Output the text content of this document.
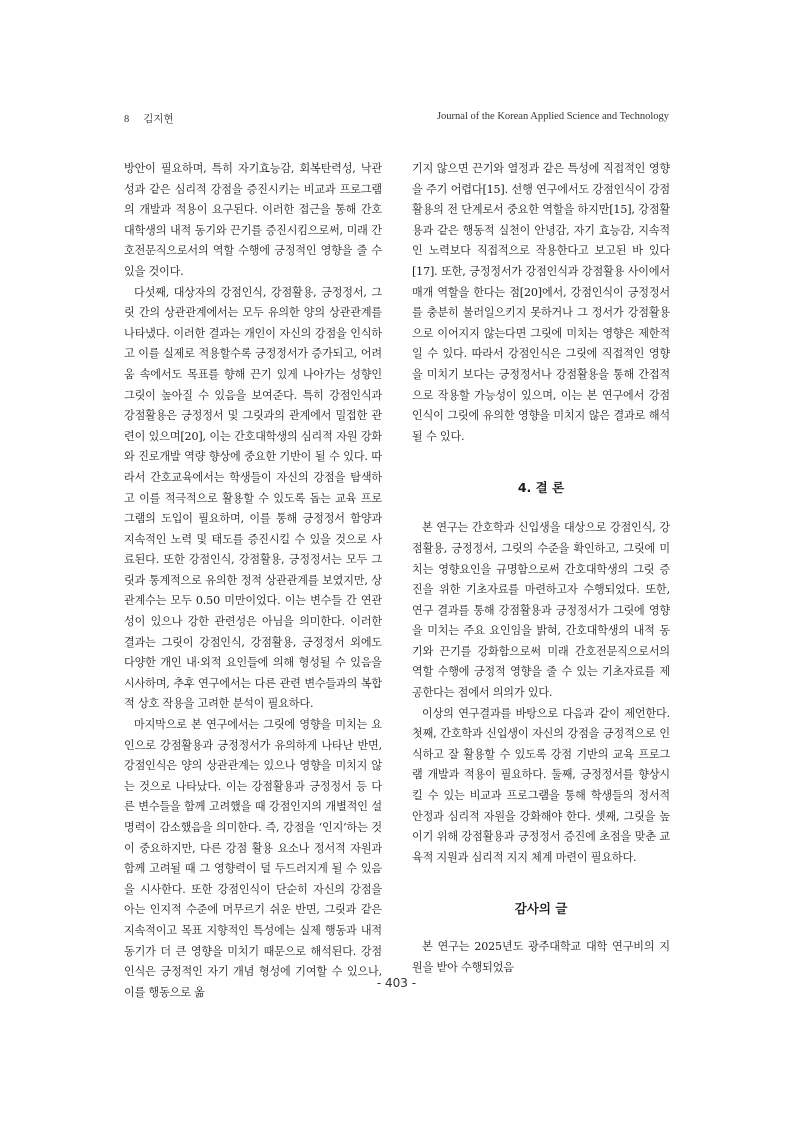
8 김지현	Journal of the Korean Applied Science and Technology

방안이 필요하며, 특히 자기효능감, 회복탄력성, 낙관성과 같은 심리적 강점을 증진시키는 비교과 프로그램의 개발과 적용이 요구된다. 이러한 접근을 통해 간호대학생의 내적 동기와 끈기를 증진시킴으로써, 미래 간호전문직으로서의 역할 수행에 긍정적인 영향을 줄 수 있을 것이다.

다섯째, 대상자의 강점인식, 강점활용, 긍정정서, 그릿 간의 상관관계에서는 모두 유의한 양의 상관관계를 나타냈다. 이러한 결과는 개인이 자신의 강점을 인식하고 이를 실제로 적용할수록 긍정정서가 증가되고, 어려움 속에서도 목표를 향해 끈기 있게 나아가는 성향인 그릿이 높아질 수 있음을 보여준다. 특히 강점인식과 강점활용은 긍정정서 및 그릿과의 관계에서 밀접한 관련이 있으며[20], 이는 간호대학생의 심리적 자원 강화와 진로개발 역량 향상에 중요한 기반이 될 수 있다. 따라서 간호교육에서는 학생들이 자신의 강점을 탐색하고 이를 적극적으로 활용할 수 있도록 돕는 교육 프로그램의 도입이 필요하며, 이를 통해 긍정정서 함양과 지속적인 노력 및 태도를 증진시킬 수 있을 것으로 사료된다. 또한 강점인식, 강점활용, 긍정정서는 모두 그릿과 통계적으로 유의한 정적 상관관계를 보였지만, 상관계수는 모두 0.50 미만이었다. 이는 변수들 간 연관성이 있으나 강한 관련성은 아님을 의미한다. 이러한 결과는 그릿이 강점인식, 강점활용, 긍정정서 외에도 다양한 개인 내·외적 요인들에 의해 형성될 수 있음을 시사하며, 추후 연구에서는 다른 관련 변수들과의 복합적 상호 작용을 고려한 분석이 필요하다.

마지막으로 본 연구에서는 그릿에 영향을 미치는 요인으로 강점활용과 긍정정서가 유의하게 나타난 반면, 강점인식은 양의 상관관계는 있으나 영향을 미치지 않는 것으로 나타났다. 이는 강점활용과 긍정정서 등 다른 변수들을 함께 고려했을 때 강점인지의 개별적인 설명력이 감소했음을 의미한다. 즉, 강점을 ‘인지’하는 것이 중요하지만, 다른 강점 활용 요소나 정서적 자원과 함께 고려될 때 그 영향력이 덜 두드러지게 될 수 있음을 시사한다. 또한 강점인식이 단순히 자신의 강점을 아는 인지적 수준에 머무르기 쉬운 반면, 그릿과 같은 지속적이고 목표 지향적인 특성에는 실제 행동과 내적 동기가 더 큰 영향을 미치기 때문으로 해석된다. 강점인식은 긍정적인 자기 개념 형성에 기여할 수 있으나, 이를 행동으로 옮

기지 않으면 끈기와 열정과 같은 특성에 직접적인 영향을 주기 어렵다[15]. 선행 연구에서도 강점인식이 강점활용의 전 단계로서 중요한 역할을 하지만[15], 강점활용과 같은 행동적 실천이 안녕감, 자기 효능감, 지속적인 노력보다 직접적으로 작용한다고 보고된 바 있다[17]. 또한, 긍정정서가 강점인식과 강점활용 사이에서 매개 역할을 한다는 점[20]에서, 강점인식이 긍정정서를 충분히 불러일으키지 못하거나 그 정서가 강점활용으로 이어지지 않는다면 그릿에 미치는 영향은 제한적일 수 있다. 따라서 강점인식은 그릿에 직접적인 영향을 미치기 보다는 긍정정서나 강점활용을 통해 간접적으로 작용할 가능성이 있으며, 이는 본 연구에서 강점인식이 그릿에 유의한 영향을 미치지 않은 결과로 해석될 수 있다.

4. 결 론

본 연구는 간호학과 신입생을 대상으로 강점인식, 강점활용, 긍정정서, 그릿의 수준을 확인하고, 그릿에 미치는 영향요인을 규명함으로써 간호대학생의 그릿 증진을 위한 기초자료를 마련하고자 수행되었다. 또한, 연구 결과를 통해 강점활용과 긍정정서가 그릿에 영향을 미치는 주요 요인임을 밝혀, 간호대학생의 내적 동기와 끈기를 강화함으로써 미래 간호전문직으로서의 역할 수행에 긍정적 영향을 줄 수 있는 기초자료를 제공한다는 점에서 의의가 있다.

이상의 연구결과를 바탕으로 다음과 같이 제언한다. 첫째, 간호학과 신입생이 자신의 강점을 긍정적으로 인식하고 잘 활용할 수 있도록 강점 기반의 교육 프로그램 개발과 적용이 필요하다. 둘째, 긍정정서를 향상시킬 수 있는 비교과 프로그램을 통해 학생들의 정서적 안정과 심리적 자원을 강화해야 한다. 셋째, 그릿을 높이기 위해 강점활용과 긍정정서 증진에 초점을 맞춘 교육적 지원과 심리적 지지 체계 마련이 필요하다.

감사의 글

본 연구는 2025년도 광주대학교 대학 연구비의 지원을 받아 수행되었음

- 403 -
